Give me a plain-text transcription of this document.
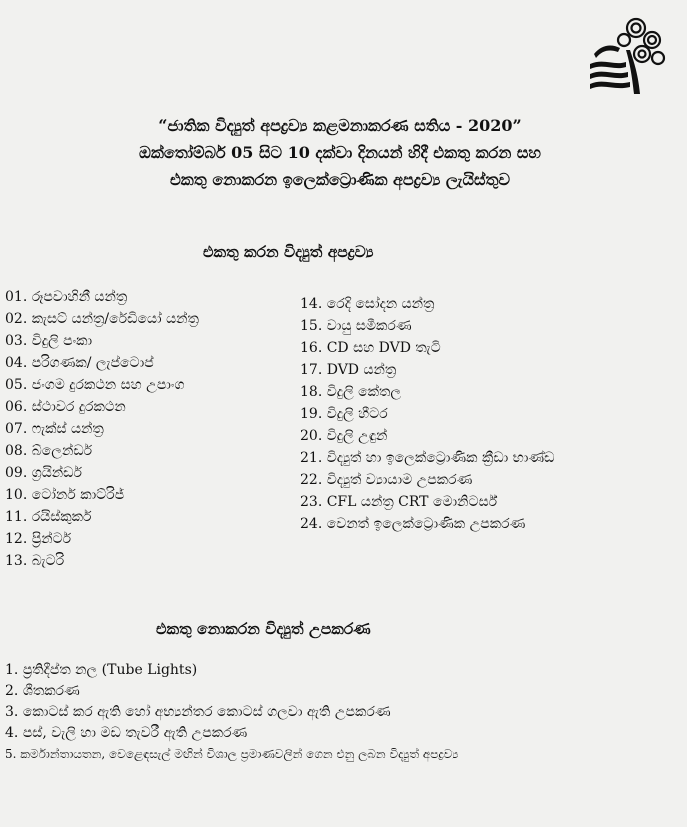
“ජාතික විද්‍යුත් අපද්‍රව්‍ය කළමනාකරණ සතිය - 2020”
ඔක්තෝම්බර් 05 සිට 10 දක්වා දිනයන් හිදී එකතු කරන සහ
එකතු නොකරන ඉලෙක්ට්‍රොණික අපද්‍රව්‍ය ලැයිස්තුව
එකතු කරන විද්‍යුත් අපද්‍රව්‍ය
01. රූපවාහිනී යන්ත්‍ර
02. කැසට් යන්ත්‍ර/රේඩියෝ යන්ත්‍ර
03. විදුලි පංකා
04. පරිගණක/ ලැප්ටොප්
05. ජංගම දුරකථන සහ උපාංග
06. ස්ථාවර දුරකථන
07. ෆැක්ස් යන්ත්‍ර
08. බ්ලෙන්ඩර්
09. ග්‍රයින්ඩර්
10. ටෝනර් කාට්රිජ්
11. රයිස්කුකර්
12. ප්‍රින්ටර්
13. බැටරි
14. රෙදි සෝදන යන්ත්‍ර
15. වායු සමීකරණ
16. CD සහ DVD තැටි
17. DVD යන්ත්‍ර
18. විදුලි කේතල
19. විදුලි හීටර
20. විදුලි උඳුන්
21. විද්‍යුත් හා ඉලෙක්ට්‍රොණික ක්‍රීඩා භාණ්ඩ
22. විද්‍යුත් ව්‍යායාම උපකරණ
23. CFL යන්ත්‍ර CRT මොනිටර්ස්
24. වෙනත් ඉලෙක්ට්‍රොණික උපකරණ
එකතු නොකරන විද්‍යුත් උපකරණ
1. ප්‍රතිදීප්ත නල (Tube Lights)
2. ශීතකරණ
3. කොටස් කර ඇති හෝ අභ්‍යන්තර කොටස් ගලවා ඇති උපකරණ
4. පස්, වැලි හා මඩ තැවරී ඇති උපකරණ
5. කර්මාන්තායතන, වෙළෙඳසැල් මඟින් විශාල ප්‍රමාණවලින් ගෙන එනු ලබන විද්‍යුත් අපද්‍රව්‍ය
